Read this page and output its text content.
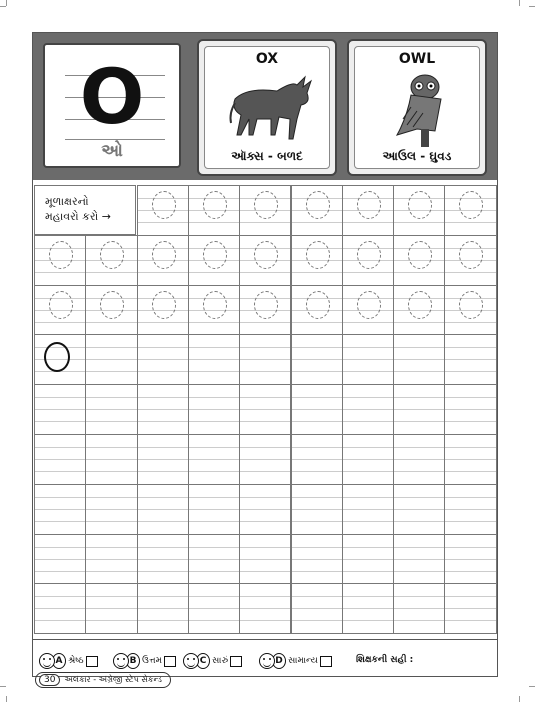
O
ઓ
OX
ઑક્સ - બળદ
OWL
આઉલ - ઘુવડ
મૂળાક્ષરનો
મહાવરો કરો →
A શ્રેષ્ઠ	B ઉત્તમ	C સારું	D સામાન્ય	શિક્ષકની સહી :
30	અલંકાર - અંગ્રેજી સ્ટેપ સેકન્ડ
